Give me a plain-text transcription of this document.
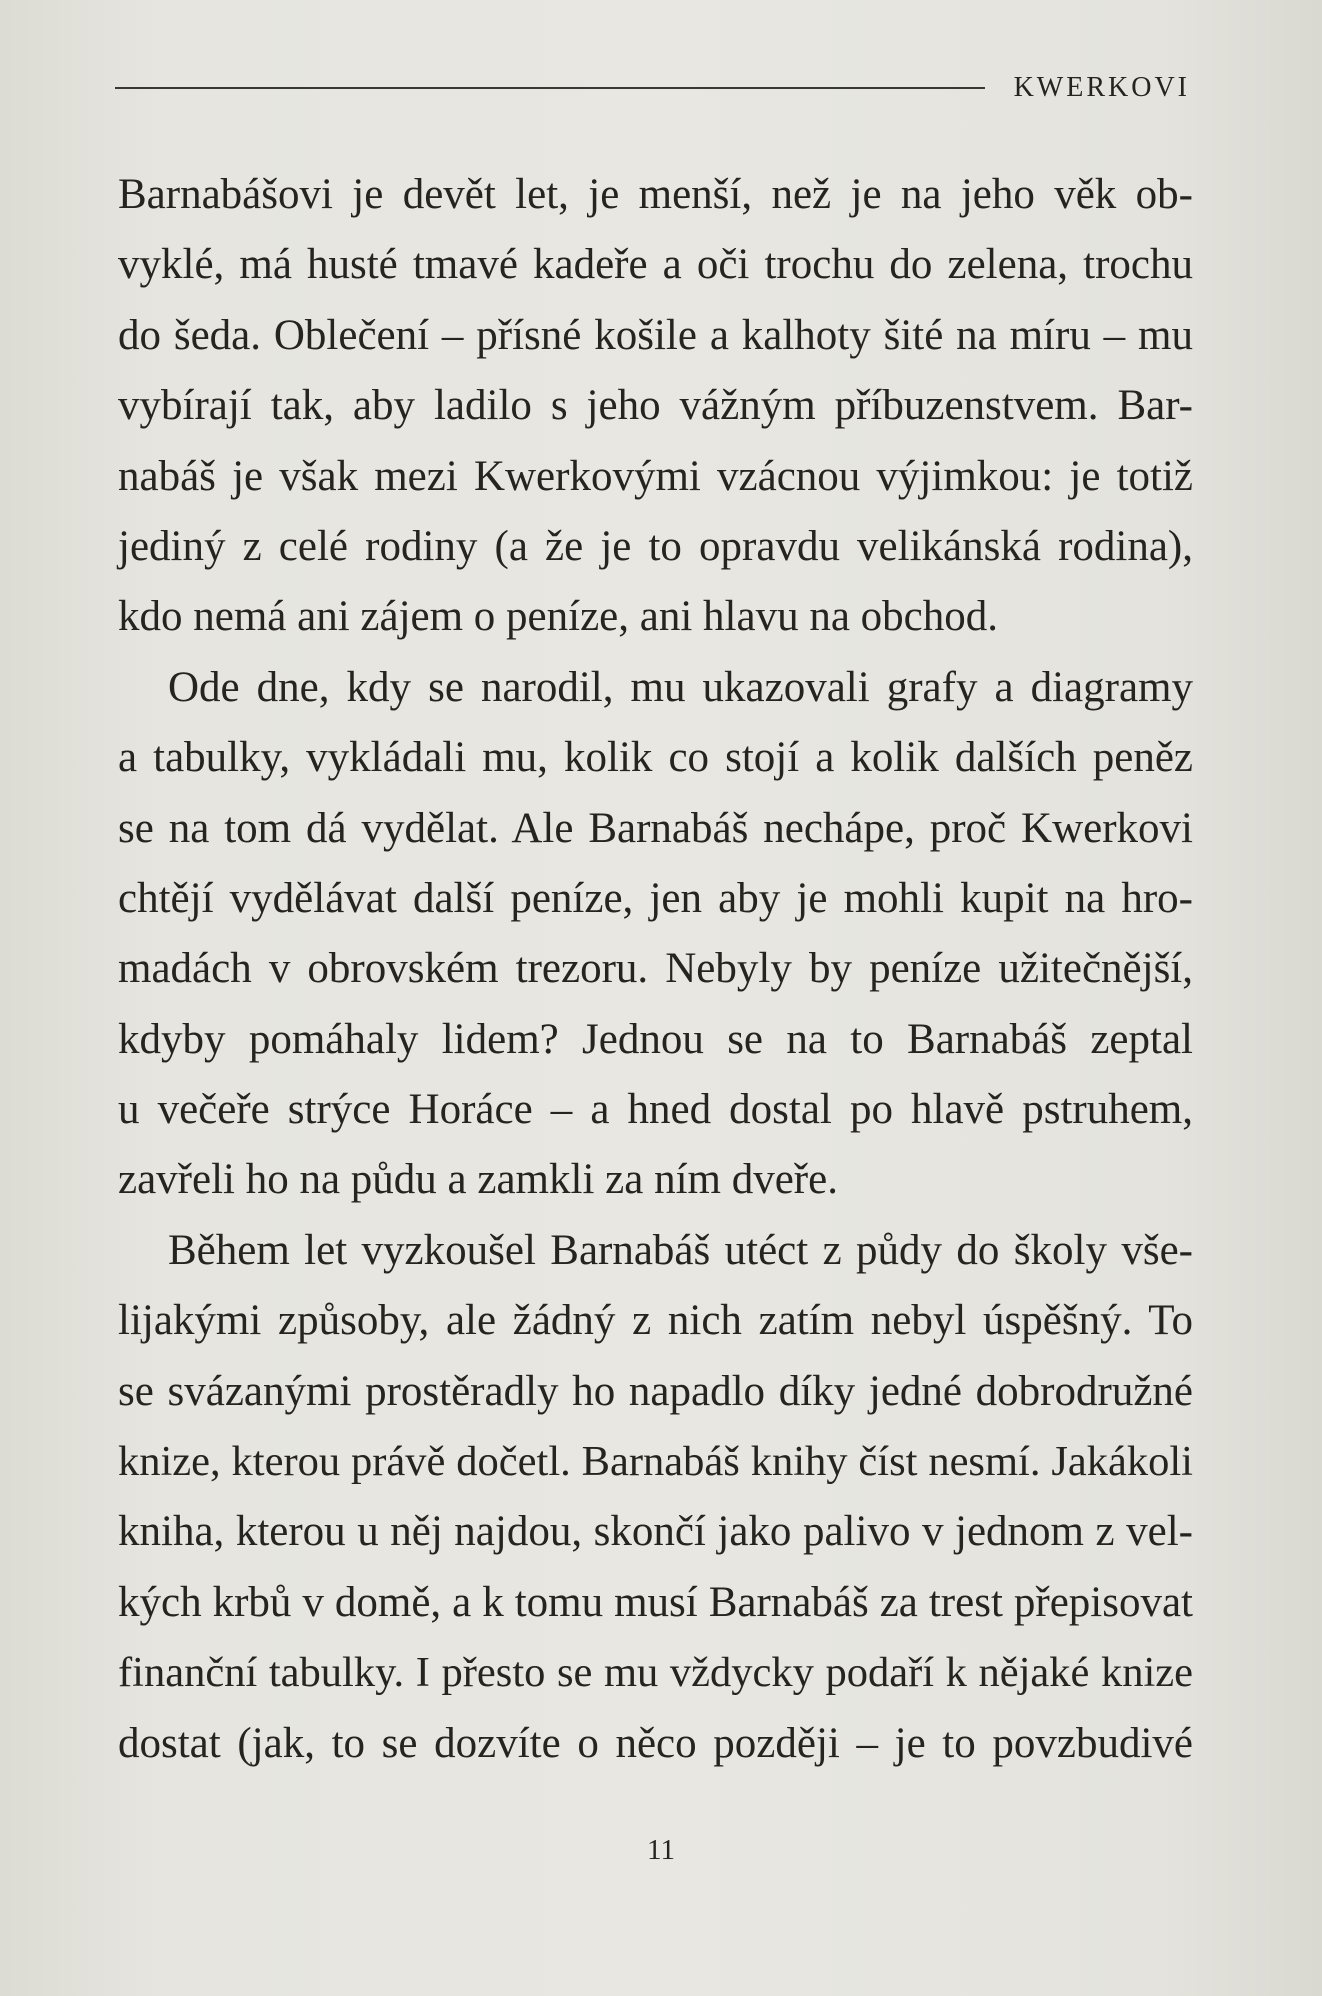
KWERKOVI
Barnabášovi je devět let, je menší, než je na jeho věk ob-
vyklé, má husté tmavé kadeře a oči trochu do zelena, trochu
do šeda. Oblečení – přísné košile a kalhoty šité na míru – mu
vybírají tak, aby ladilo s jeho vážným příbuzenstvem. Bar-
nabáš je však mezi Kwerkovými vzácnou výjimkou: je totiž
jediný z celé rodiny (a že je to opravdu velikánská rodina),
kdo nemá ani zájem o peníze, ani hlavu na obchod.
Ode dne, kdy se narodil, mu ukazovali grafy a diagramy
a tabulky, vykládali mu, kolik co stojí a kolik dalších peněz
se na tom dá vydělat. Ale Barnabáš nechápe, proč Kwerkovi
chtějí vydělávat další peníze, jen aby je mohli kupit na hro-
madách v obrovském trezoru. Nebyly by peníze užitečnější,
kdyby pomáhaly lidem? Jednou se na to Barnabáš zeptal
u večeře strýce Horáce – a hned dostal po hlavě pstruhem,
zavřeli ho na půdu a zamkli za ním dveře.
Během let vyzkoušel Barnabáš utéct z půdy do školy vše-
lijakými způsoby, ale žádný z nich zatím nebyl úspěšný. To
se svázanými prostěradly ho napadlo díky jedné dobrodružné
knize, kterou právě dočetl. Barnabáš knihy číst nesmí. Jakákoli
kniha, kterou u něj najdou, skončí jako palivo v jednom z vel-
kých krbů v domě, a k tomu musí Barnabáš za trest přepisovat
finanční tabulky. I přesto se mu vždycky podaří k nějaké knize
dostat (jak, to se dozvíte o něco později – je to povzbudivé
11
